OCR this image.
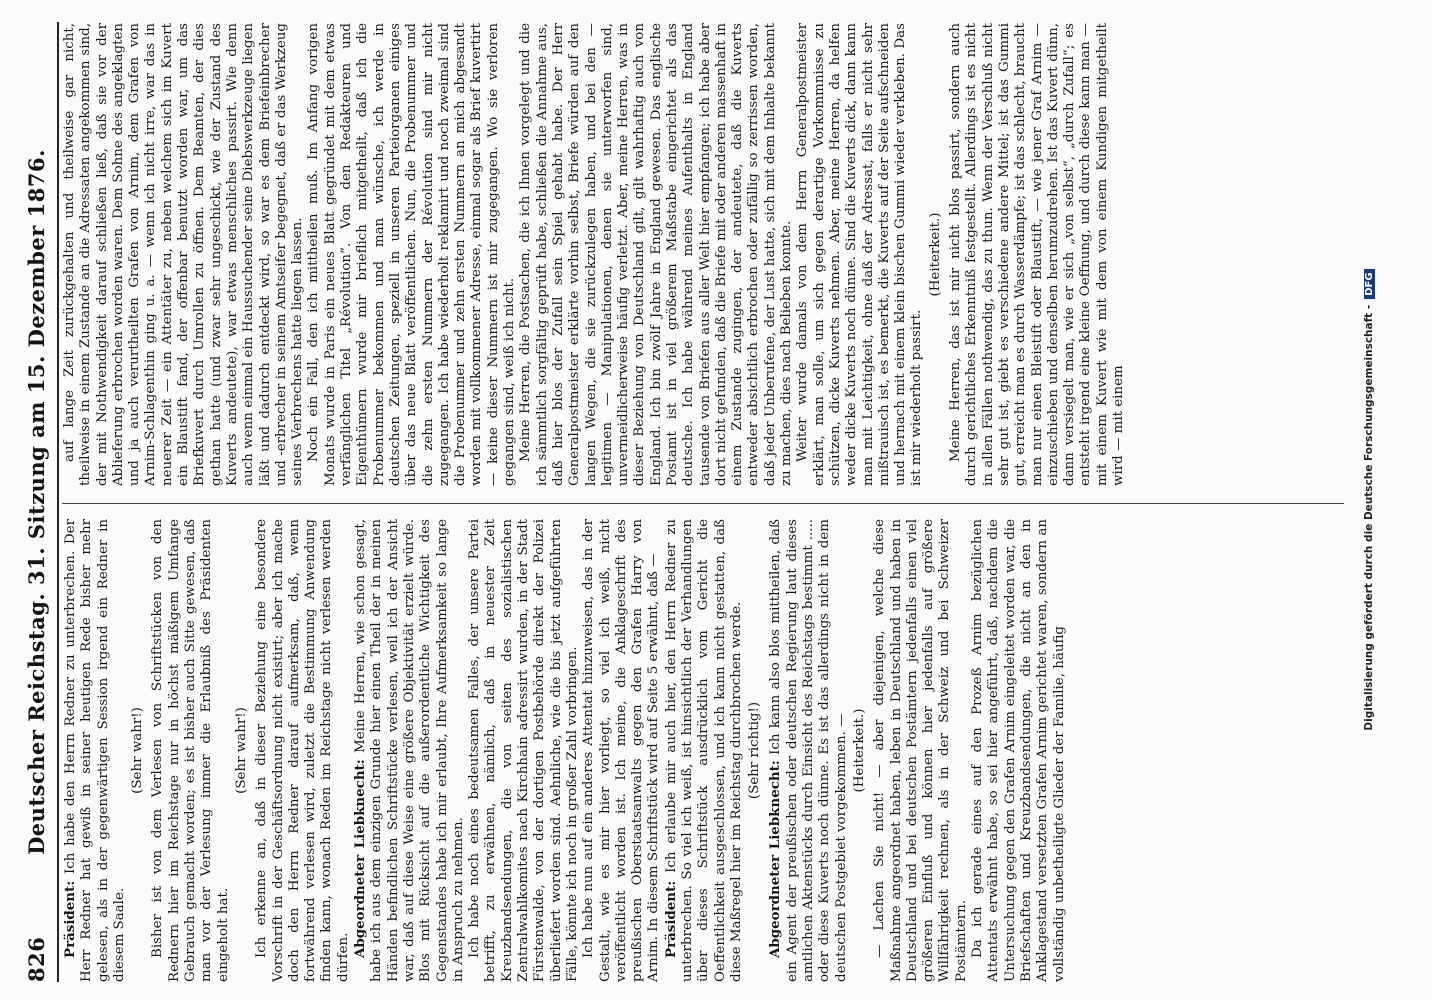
826
Deutscher Reichstag. 31. Sitzung am 15. Dezember 1876.

Präsident: Ich habe den Herrn Redner zu unterbrechen. Der Herr Redner hat gewiß in seiner heutigen Rede bisher mehr gelesen, als in der gegenwärtigen Session irgend ein Redner in diesem Saale.

(Sehr wahr!) Bisher ist von dem Verlesen von Schriftstücken von den Rednern hier im Reichstage nur in höchst mäßigem Umfange Gebrauch gemacht worden; es ist bisher auch Sitte gewesen, daß man vor der Verlesung immer die Erlaubniß des Präsidenten eingeholt hat.

(Sehr wahr!) Ich erkenne an, daß in dieser Beziehung eine besondere Vorschrift in der Geschäftsordnung nicht existirt; aber ich mache doch den Herrn Redner darauf aufmerksam, daß, wenn fortwährend verlesen wird, zuletzt die Bestimmung Anwendung finden kann, wonach Reden im Reichstage nicht verlesen werden dürfen. Abgeordneter Liebknecht: Meine Herren, wie schon gesagt, habe ich aus dem einzigen Grunde hier einen Theil der in meinen Händen befindlichen Schriftstücke verlesen, weil ich der Ansicht war, daß auf diese Weise eine größere Objektivität erzielt würde. Blos mit Rücksicht auf die außerordentliche Wichtigkeit des Gegenstandes habe ich mir erlaubt, Ihre Aufmerksamkeit so lange in Anspruch zu nehmen. Ich habe noch eines bedeutsamen Falles, der unsere Partei betrifft, zu erwähnen, nämlich, daß in neuester Zeit Kreuzbandsendungen, die von seiten des sozialistischen Zentralwahlkomites nach Kirchhain adressirt wurden, in der Stadt Fürstenwalde, von der dortigen Postbehörde direkt der Polizei überliefert worden sind. Aehnliche, wie die bis jetzt aufgeführten Fälle, könnte ich noch in großer Zahl vorbringen. Ich habe nun auf ein anderes Attentat hinzuweisen, das in der Gestalt, wie es mir hier vorliegt, so viel ich weiß, nicht veröffentlicht worden ist. Ich meine, die Anklageschrift des preußischen Oberstaatsanwalts gegen den Grafen Harry von Arnim. In diesem Schriftstück wird auf Seite 5 erwähnt, daß — Präsident: Ich erlaube mir auch hier, den Herrn Redner zu unterbrechen. So viel ich weiß, ist hinsichtlich der Verhandlungen über dieses Schriftstück ausdrücklich vom Gericht die Oeffentlichkeit ausgeschlossen, und ich kann nicht gestatten, daß diese Maßregel hier im Reichstag durchbrochen werde. (Sehr richtig!)

Abgeordneter Liebknecht: Ich kann also blos mittheilen, daß ein Agent der preußischen oder deutschen Regierung laut dieses amtlichen Aktenstücks durch Einsicht des Reichstags bestimmt ..... oder diese Kuverts noch dünne. Es ist das allerdings nicht in dem deutschen Postgebiet vorgekommen. — (Heiterkeit.) — Lachen Sie nicht! — aber diejenigen, welche diese Maßnahme angeordnet haben, leben in Deutschland und haben in Deutschland und bei deutschen Postämtern jedenfalls einen viel größeren Einfluß und können hier jedenfalls auf größere Willfährigkeit rechnen, als in der Schweiz und bei Schweizer Postämtern. Da ich gerade eines auf den Prozeß Arnim bezüglichen Attentats erwähnt habe, so sei hier angeführt, daß, nachdem die Untersuchung gegen den Grafen Arnim eingeleitet worden war, die Briefschaften und Kreuzbandsendungen, die nicht an den in Anklagestand versetzten Grafen Arnim gerichtet waren, sondern an vollständig unbetheiligte Glieder der Familie, häufig

auf lange Zeit zurückgehalten und theilweise gar nicht, theilweise in einem Zustande an die Adressaten angekommen sind, der mit Nothwendigkeit darauf schließen ließ, daß sie vor der Ablieferung erbrochen worden waren. Dem Sohne des angeklagten und ja auch verurtheilten Grafen von Arnim, dem Grafen von Arnim-Schlagenthin ging u. a. — wenn ich nicht irre, war das in neuerer Zeit — ein Attentäter zu, neben welchem sich im Kuvert ein Blaustift fand, der offenbar benutzt worden war, um das Briefkuvert durch Umrollen zu öffnen. Dem Beamten, der dies gethan hatte (und zwar sehr ungeschickt, wie der Zustand des Kuverts andeutete), war etwas menschliches passirt. Wie denn auch wenn einmal ein Haussuchender seine Diebswerkzeuge liegen läßt und dadurch entdeckt wird, so war es dem Briefeinbrecher und -erbrecher in seinem Amtseifer begegnet, daß er das Werkzeug seines Verbrechens hatte liegen lassen. Noch ein Fall, den ich mittheilen muß. Im Anfang vorigen Monats wurde in Paris ein neues Blatt gegründet mit dem etwas verfänglichen Titel „Révolution“. Von den Redakteuren und Eigenthümern wurde mir brieflich mitgetheilt, daß ich die Probenummer bekommen und man wünsche, ich werde in deutschen Zeitungen, speziell in unseren Parteiorganen einiges über das neue Blatt veröffentlichen. Nun, die Probenummer und die zehn ersten Nummern der Révolution sind mir nicht zugegangen. Ich habe wiederholt reklamirt und noch zweimal sind die Probenummer und zehn ersten Nummern an mich abgesandt worden mit vollkommener Adresse, einmal sogar als Brief kuvertirt — keine dieser Nummern ist mir zugegangen. Wo sie verloren gegangen sind, weiß ich nicht. Meine Herren, die Postsachen, die ich Ihnen vorgelegt und die ich sämmtlich sorgfältig geprüft habe, schließen die Annahme aus, daß hier blos der Zufall sein Spiel gehabt habe. Der Herr Generalpostmeister erklärte vorhin selbst, Briefe würden auf den langen Wegen, die sie zurückzulegen haben, und bei den — legitimen — Manipulationen, denen sie unterworfen sind, unvermeidlicherweise häufig verletzt. Aber, meine Herren, was in dieser Beziehung von Deutschland gilt, gilt wahrhaftig auch von England. Ich bin zwölf Jahre in England gewesen. Das englische Postamt ist in viel größerem Maßstabe eingerichtet als das deutsche. Ich habe während meines Aufenthalts in England tausende von Briefen aus aller Welt hier empfangen; ich habe aber dort nicht gefunden, daß die Briefe mit oder anderen massenhaft in einem Zustande zugingen, der andeutete, daß die Kuverts entweder absichtlich erbrochen oder zufällig so zerrissen worden, daß jeder Unberufene, der Lust hatte, sich mit dem Inhalte bekannt zu machen, dies nach Belieben konnte. Weiter wurde damals von dem Herrn Generalpostmeister erklärt, man solle, um sich gegen derartige Vorkommnisse zu schützen, dicke Kuverts nehmen. Aber, meine Herren, da helfen weder dicke Kuverts noch dünne. Sind die Kuverts dick, dann kann man mit Leichtigkeit, ohne daß der Adressat, falls er nicht sehr mißtrauisch ist, es bemerkt, die Kuverts auf der Seite aufschneiden und hernach mit einem klein bischen Gummi wieder verkleben. Das ist mir wiederholt passirt.

(Heiterkeit.) Meine Herren, das ist mir nicht blos passirt, sondern auch durch gerichtliches Erkenntniß festgestellt. Allerdings ist es nicht in allen Fällen nothwendig, das zu thun. Wenn der Verschluß nicht sehr gut ist, giebt es verschiedene andere Mittel; ist das Gummi gut, erreicht man es durch Wasserdämpfe; ist das schlecht, braucht man nur einen Bleistift oder Blaustift, — wie jener Graf Arnim — einzuschieben und denselben herumzudrehen. Ist das Kuvert dünn, dann versiegelt man, wie er sich „von selbst“, „durch Zufall“; es entsteht irgend eine kleine Oeffnung, und durch diese kann man — mit einem Kuvert wie mit dem von einem Kundigen mitgetheilt wird — mit einem	Digitalisierung gefördert durch die Deutsche Forschungsgemeinschaft -DFG
